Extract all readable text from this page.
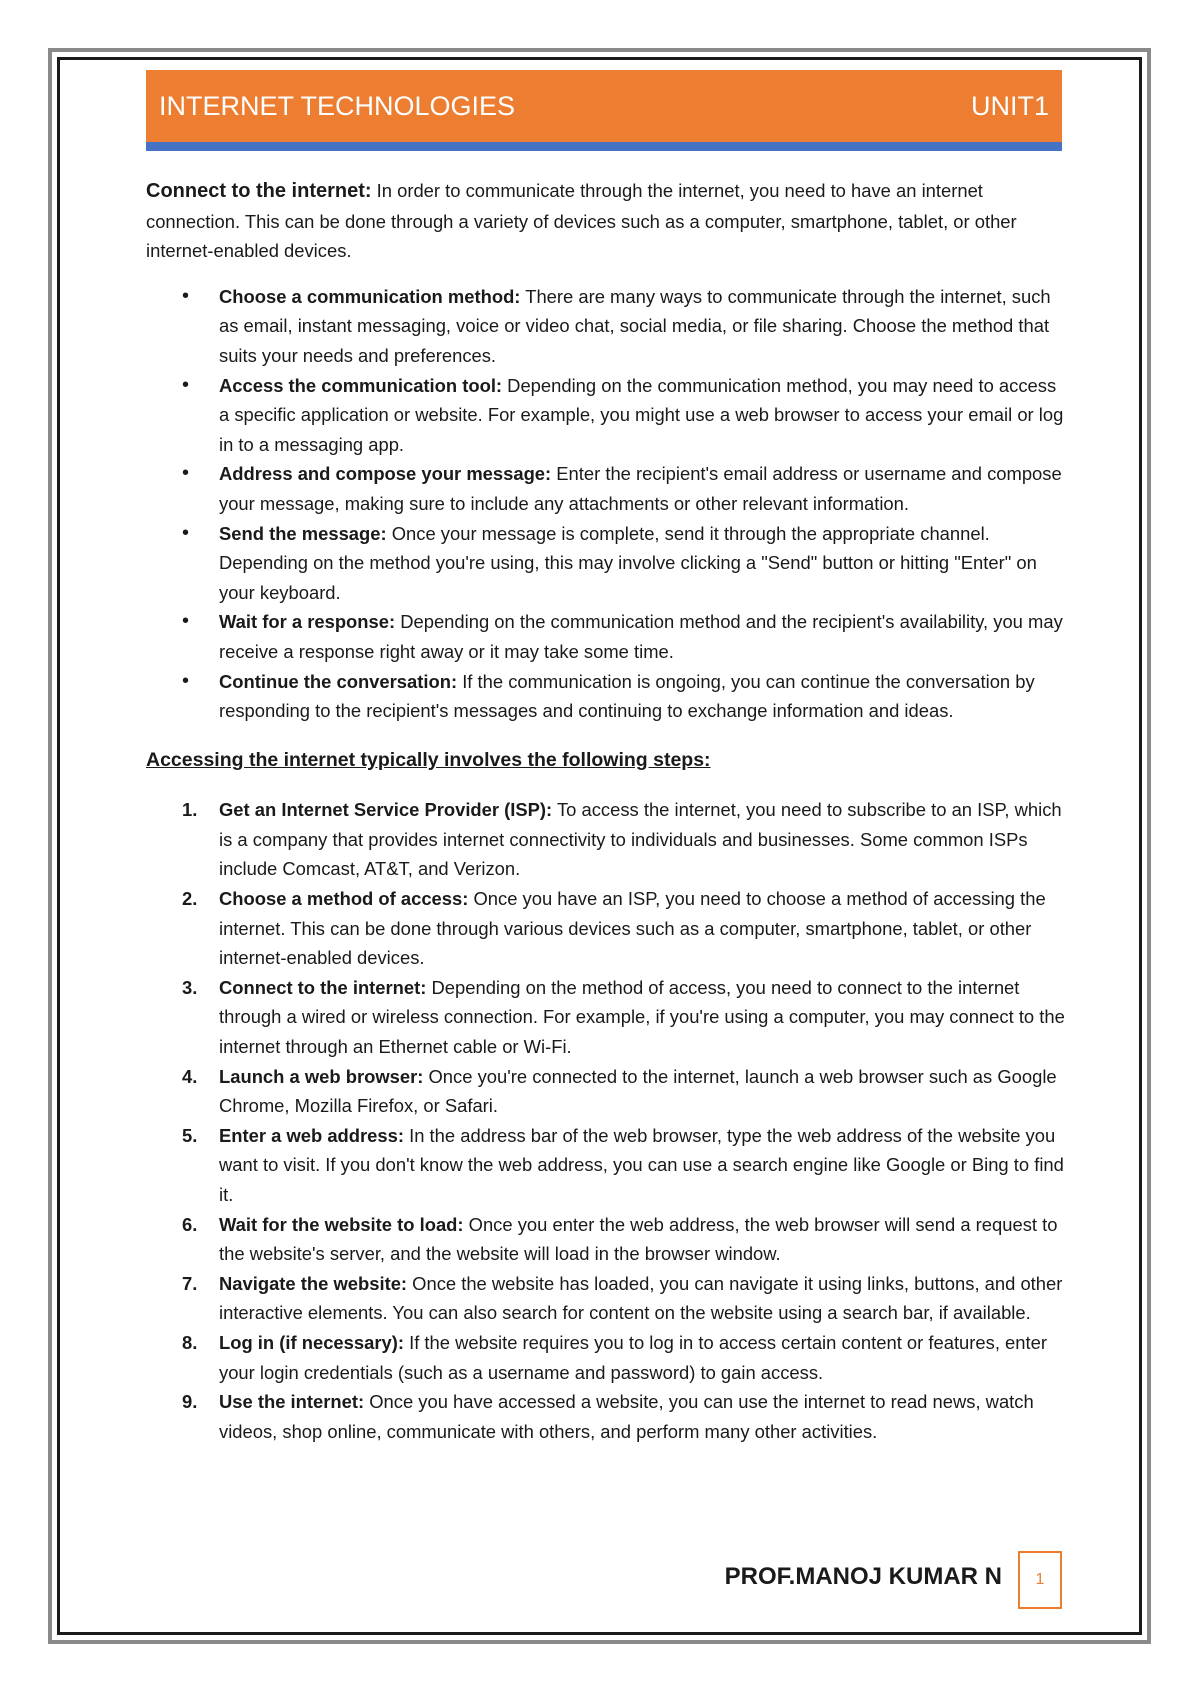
INTERNET TECHNOLOGIES	UNIT1

Connect to the internet: In order to communicate through the internet, you need to have an internet connection. This can be done through a variety of devices such as a computer, smartphone, tablet, or other internet-enabled devices.

• Choose a communication method: There are many ways to communicate through the internet, such as email, instant messaging, voice or video chat, social media, or file sharing. Choose the method that suits your needs and preferences.
• Access the communication tool: Depending on the communication method, you may need to access a specific application or website. For example, you might use a web browser to access your email or log in to a messaging app.
• Address and compose your message: Enter the recipient's email address or username and compose your message, making sure to include any attachments or other relevant information.
• Send the message: Once your message is complete, send it through the appropriate channel. Depending on the method you're using, this may involve clicking a "Send" button or hitting "Enter" on your keyboard.
• Wait for a response: Depending on the communication method and the recipient's availability, you may receive a response right away or it may take some time.
• Continue the conversation: If the communication is ongoing, you can continue the conversation by responding to the recipient's messages and continuing to exchange information and ideas.

Accessing the internet typically involves the following steps:

1. Get an Internet Service Provider (ISP): To access the internet, you need to subscribe to an ISP, which is a company that provides internet connectivity to individuals and businesses. Some common ISPs include Comcast, AT&T, and Verizon.
2. Choose a method of access: Once you have an ISP, you need to choose a method of accessing the internet. This can be done through various devices such as a computer, smartphone, tablet, or other internet-enabled devices.
3. Connect to the internet: Depending on the method of access, you need to connect to the internet through a wired or wireless connection. For example, if you're using a computer, you may connect to the internet through an Ethernet cable or Wi-Fi.
4. Launch a web browser: Once you're connected to the internet, launch a web browser such as Google Chrome, Mozilla Firefox, or Safari.
5. Enter a web address: In the address bar of the web browser, type the web address of the website you want to visit. If you don't know the web address, you can use a search engine like Google or Bing to find it.
6. Wait for the website to load: Once you enter the web address, the web browser will send a request to the website's server, and the website will load in the browser window.
7. Navigate the website: Once the website has loaded, you can navigate it using links, buttons, and other interactive elements. You can also search for content on the website using a search bar, if available.
8. Log in (if necessary): If the website requires you to log in to access certain content or features, enter your login credentials (such as a username and password) to gain access.
9. Use the internet: Once you have accessed a website, you can use the internet to read news, watch videos, shop online, communicate with others, and perform many other activities.
PROF.MANOJ KUMAR N 1
